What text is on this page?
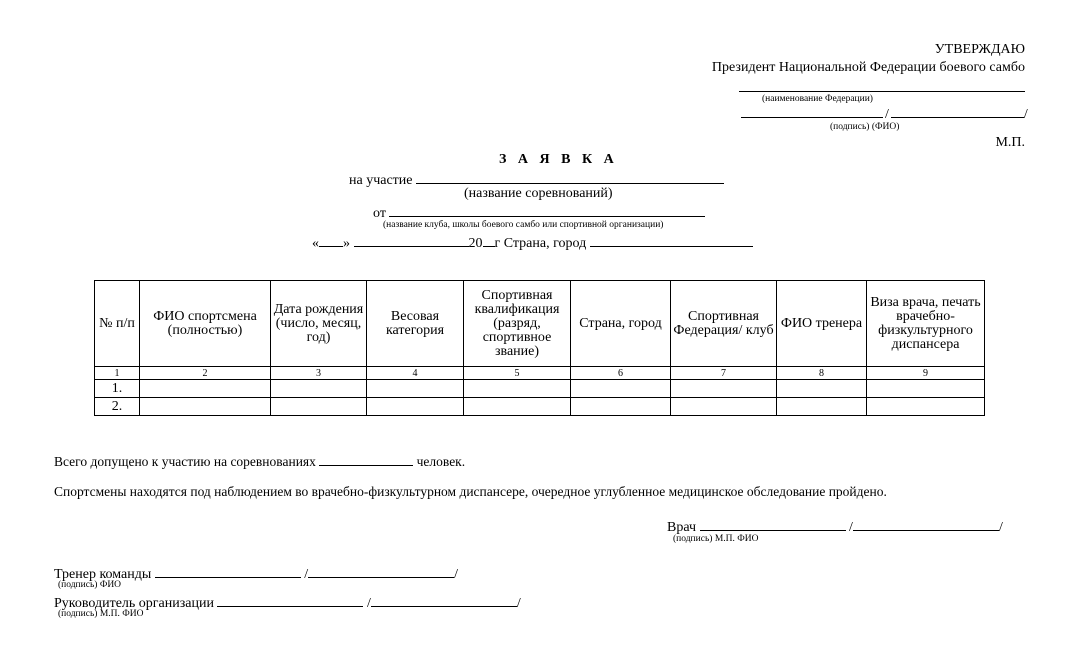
УТВЕРЖДАЮ
Президент Национальной Федерации боевого самбо
(наименование Федерации)
/	/
(подпись) (ФИО)
М.П.
З А Я В К А
на участие
(название соревнований)
от
(название клуба, школы боевого самбо или спортивной организации)
« »	20 г Страна, город
№ п/п	ФИО спортсмена (полностью)	Дата рождения (число, месяц, год)	Весовая категория	Спортивная квалификация (разряд, спортивное звание)	Страна, город	Спортивная Федерация/ клуб	ФИО тренера	Виза врача, печать врачебно-физкультурного диспансера
1	2	3	4	5	6	7	8	9
1.								
2.								
Всего допущено к участию на соревнованиях	человек.
Спортсмены находятся под наблюдением во врачебно-физкультурном диспансере, очередное углубленное медицинское обследование пройдено.
Врач	/	/
(подпись) М.П. ФИО
Тренер команды	/	/
(подпись) ФИО
Руководитель организации	/	/
(подпись) М.П. ФИО
